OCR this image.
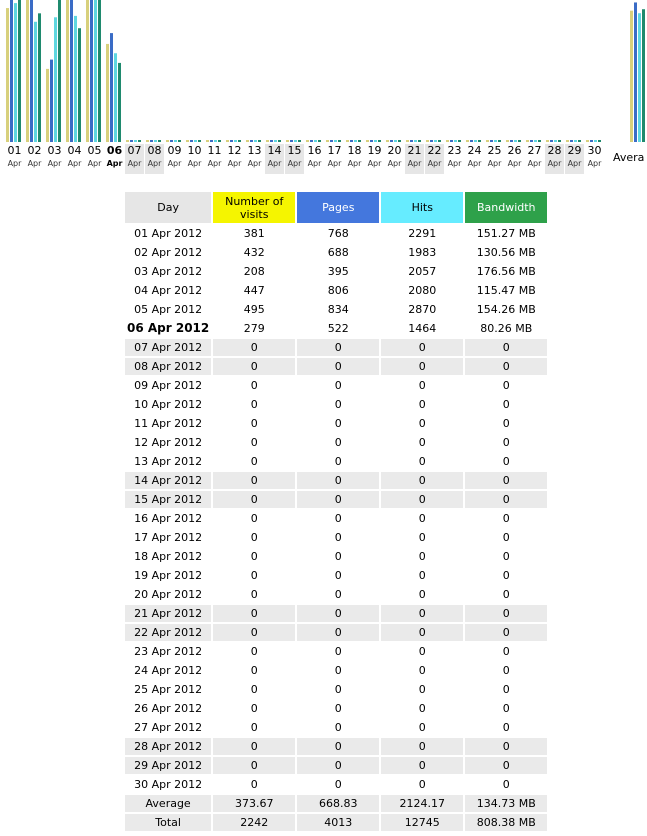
01
Apr
02
Apr
03
Apr
04
Apr
05
Apr
06
Apr
07
Apr
08
Apr
09
Apr
10
Apr
11
Apr
12
Apr
13
Apr
14
Apr
15
Apr
16
Apr
17
Apr
18
Apr
19
Apr
20
Apr
21
Apr
22
Apr
23
Apr
24
Apr
25
Apr
26
Apr
27
Apr
28
Apr
29
Apr
30
Apr Avera
Day	Number of visits	Pages	Hits	Bandwidth
01 Apr 2012	381	768	2291	151.27 MB
02 Apr 2012	432	688	1983	130.56 MB
03 Apr 2012	208	395	2057	176.56 MB
04 Apr 2012	447	806	2080	115.47 MB
05 Apr 2012	495	834	2870	154.26 MB
06 Apr 2012	279	522	1464	80.26 MB
07 Apr 2012	0	0	0	0
08 Apr 2012	0	0	0	0
09 Apr 2012	0	0	0	0
10 Apr 2012	0	0	0	0
11 Apr 2012	0	0	0	0
12 Apr 2012	0	0	0	0
13 Apr 2012	0	0	0	0
14 Apr 2012	0	0	0	0
15 Apr 2012	0	0	0	0
16 Apr 2012	0	0	0	0
17 Apr 2012	0	0	0	0
18 Apr 2012	0	0	0	0
19 Apr 2012	0	0	0	0
20 Apr 2012	0	0	0	0
21 Apr 2012	0	0	0	0
22 Apr 2012	0	0	0	0
23 Apr 2012	0	0	0	0
24 Apr 2012	0	0	0	0
25 Apr 2012	0	0	0	0
26 Apr 2012	0	0	0	0
27 Apr 2012	0	0	0	0
28 Apr 2012	0	0	0	0
29 Apr 2012	0	0	0	0
30 Apr 2012	0	0	0	0
Average	373.67	668.83	2124.17	134.73 MB
Total	2242	4013	12745	808.38 MB
